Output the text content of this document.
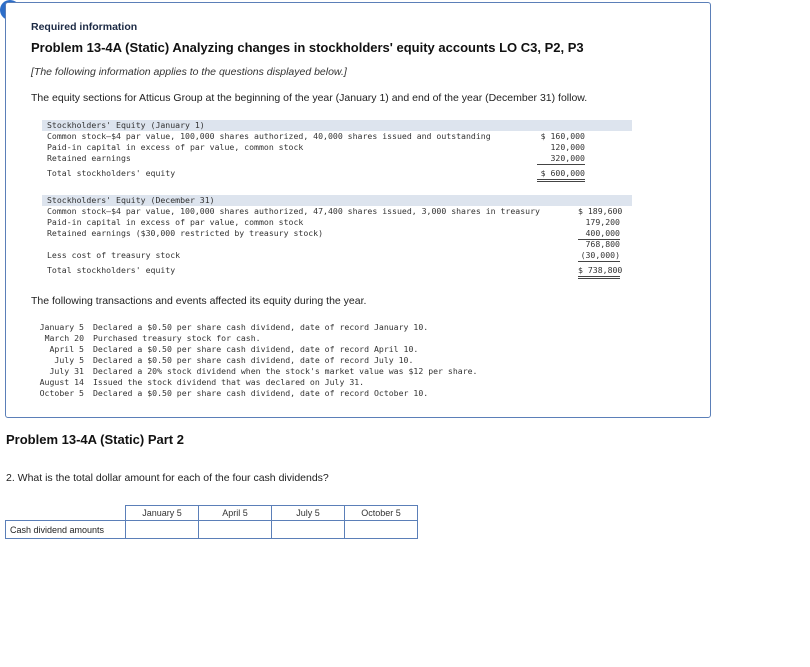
Required information
Problem 13-4A (Static) Analyzing changes in stockholders' equity accounts LO C3, P2, P3
[The following information applies to the questions displayed below.]
The equity sections for Atticus Group at the beginning of the year (January 1) and end of the year (December 31) follow.
Stockholders' Equity (January 1)
Common stock—$4 par value, 100,000 shares authorized, 40,000 shares issued and outstanding	$ 160,000
Paid-in capital in excess of par value, common stock	120,000
Retained earnings	320,000
Total stockholders' equity	$ 600,000
Stockholders' Equity (December 31)
Common stock—$4 par value, 100,000 shares authorized, 47,400 shares issued, 3,000 shares in treasury	$ 189,600
Paid-in capital in excess of par value, common stock	179,200
Retained earnings ($30,000 restricted by treasury stock)	400,000
768,800
Less cost of treasury stock	(30,000)
Total stockholders' equity	$ 738,800
The following transactions and events affected its equity during the year.
January 5 Declared a $0.50 per share cash dividend, date of record January 10.
March 20 Purchased treasury stock for cash.
April 5 Declared a $0.50 per share cash dividend, date of record April 10.
July 5 Declared a $0.50 per share cash dividend, date of record July 10.
July 31 Declared a 20% stock dividend when the stock's market value was $12 per share.
August 14 Issued the stock dividend that was declared on July 31.
October 5 Declared a $0.50 per share cash dividend, date of record October 10.
Problem 13-4A (Static) Part 2
2. What is the total dollar amount for each of the four cash dividends?
	January 5	April 5	July 5	October 5
Cash dividend amounts				
